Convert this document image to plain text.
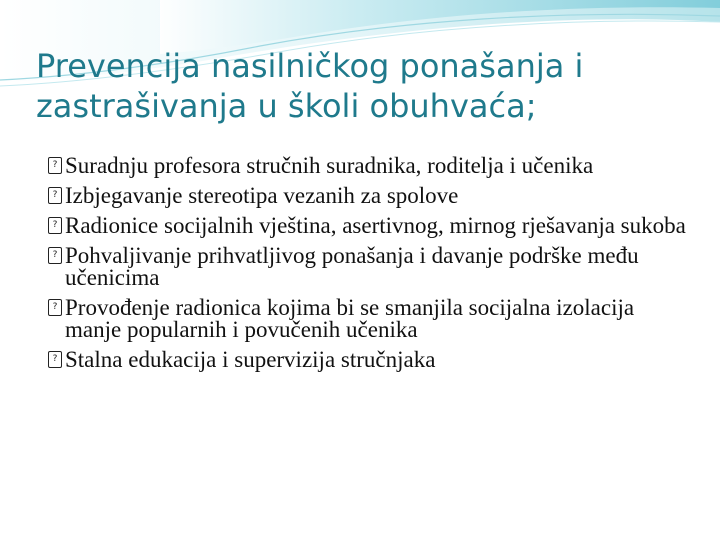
Prevencija nasilničkog ponašanja i zastrašivanja u školi obuhvaća;
? Suradnju profesora stručnih suradnika, roditelja i učenika
? Izbjegavanje stereotipa vezanih za spolove
? Radionice socijalnih vještina, asertivnog, mirnog rješavanja sukoba
? Pohvaljivanje prihvatljivog ponašanja i davanje podrške među učenicima
? Provođenje radionica kojima bi se smanjila socijalna izolacija manje popularnih i povučenih učenika
? Stalna edukacija i supervizija stručnjaka
